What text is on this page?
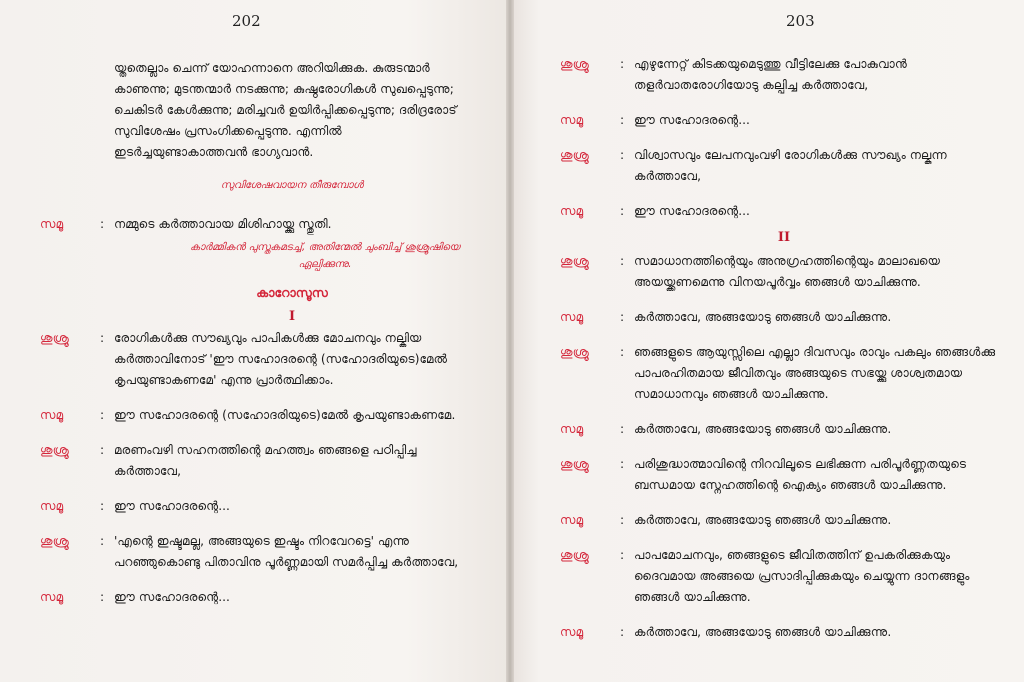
202

യ്തതെല്ലാം ചെന്ന് യോഹന്നാനെ അറിയിക്കുക. കുരുടന്മാർ കാണുന്നു; മുടന്തന്മാർ നടക്കുന്നു; കുഷ്ഠരോഗികൾ സുഖപ്പെടുന്നു; ചെകിടർ കേൾക്കുന്നു; മരിച്ചവർ ഉയിർപ്പിക്കപ്പെടുന്നു; ദരിദ്രരോട് സുവിശേഷം പ്രസംഗിക്കപ്പെടുന്നു. എന്നിൽ ഇടർച്ചയുണ്ടാകാത്തവൻ ഭാഗ്യവാൻ.

സുവിശേഷവായന തീരുമ്പോൾ
സമൂ	: നമ്മുടെ കർത്താവായ മിശിഹായ്ക്കു സ്തുതി.
കാർമ്മികൻ പുസ്തകമടച്ച്, അതിന്മേൽ ചുംബിച്ച് ശുശ്രൂഷിയെ ഏല്പിക്കുന്നു.
കാറോസൂസ
I
ശുശ്രൂ	: രോഗികൾക്കു സൗഖ്യവും പാപികൾക്കു മോചനവും നല്കിയ കർത്താവിനോട് 'ഈ സഹോദരന്റെ (സഹോദരിയുടെ)മേൽ കൃപയുണ്ടാകണമേ' എന്നു പ്രാർത്ഥിക്കാം.
സമൂ	: ഈ സഹോദരന്റെ (സഹോദരിയുടെ)മേൽ കൃപയുണ്ടാകണമേ.
ശുശ്രൂ	: മരണംവഴി സഹനത്തിന്റെ മഹത്ത്വം ഞങ്ങളെ പഠിപ്പിച്ച കർത്താവേ,
സമൂ	: ഈ സഹോദരന്റെ...
ശുശ്രൂ	: 'എന്റെ ഇഷ്ടമല്ല, അങ്ങയുടെ ഇഷ്ടം നിറവേറട്ടെ' എന്നു പറഞ്ഞുകൊണ്ടു പിതാവിനു പൂർണ്ണമായി സമർപ്പിച്ച കർത്താവേ,
സമൂ	: ഈ സഹോദരന്റെ...
203
ശുശ്രൂ	: എഴുന്നേറ്റ് കിടക്കയുമെടുത്തു വീട്ടിലേക്കു പോകുവാൻ തളർവാതരോഗിയോടു കല്പിച്ച കർത്താവേ,
സമൂ	: ഈ സഹോദരന്റെ...
ശുശ്രൂ	: വിശ്വാസവും ലേപനവുംവഴി രോഗികൾക്കു സൗഖ്യം നല്കുന്ന കർത്താവേ,
സമൂ	: ഈ സഹോദരന്റെ...
II
ശുശ്രൂ	: സമാധാനത്തിന്റെയും അനുഗ്രഹത്തിന്റെയും മാലാഖയെ അയയ്ക്കണമെന്നു വിനയപൂർവ്വം ഞങ്ങൾ യാചിക്കുന്നു.
സമൂ	: കർത്താവേ, അങ്ങയോടു ഞങ്ങൾ യാചിക്കുന്നു.
ശുശ്രൂ	: ഞങ്ങളുടെ ആയുസ്സിലെ എല്ലാ ദിവസവും രാവും പകലും ഞങ്ങൾക്കു പാപരഹിതമായ ജീവിതവും അങ്ങയുടെ സഭയ്ക്കു ശാശ്വതമായ സമാധാനവും ഞങ്ങൾ യാചിക്കുന്നു.
സമൂ	: കർത്താവേ, അങ്ങയോടു ഞങ്ങൾ യാചിക്കുന്നു.
ശുശ്രൂ	: പരിശുദ്ധാത്മാവിന്റെ നിറവിലൂടെ ലഭിക്കുന്ന പരിപൂർണ്ണതയുടെ ബന്ധമായ സ്നേഹത്തിന്റെ ഐക്യം ഞങ്ങൾ യാചിക്കുന്നു.
സമൂ	: കർത്താവേ, അങ്ങയോടു ഞങ്ങൾ യാചിക്കുന്നു.
ശുശ്രൂ	: പാപമോചനവും, ഞങ്ങളുടെ ജീവിതത്തിന് ഉപകരിക്കുകയും ദൈവമായ അങ്ങയെ പ്രസാദിപ്പിക്കുകയും ചെയ്യുന്ന ദാനങ്ങളും ഞങ്ങൾ യാചിക്കുന്നു.
സമൂ	: കർത്താവേ, അങ്ങയോടു ഞങ്ങൾ യാചിക്കുന്നു.
